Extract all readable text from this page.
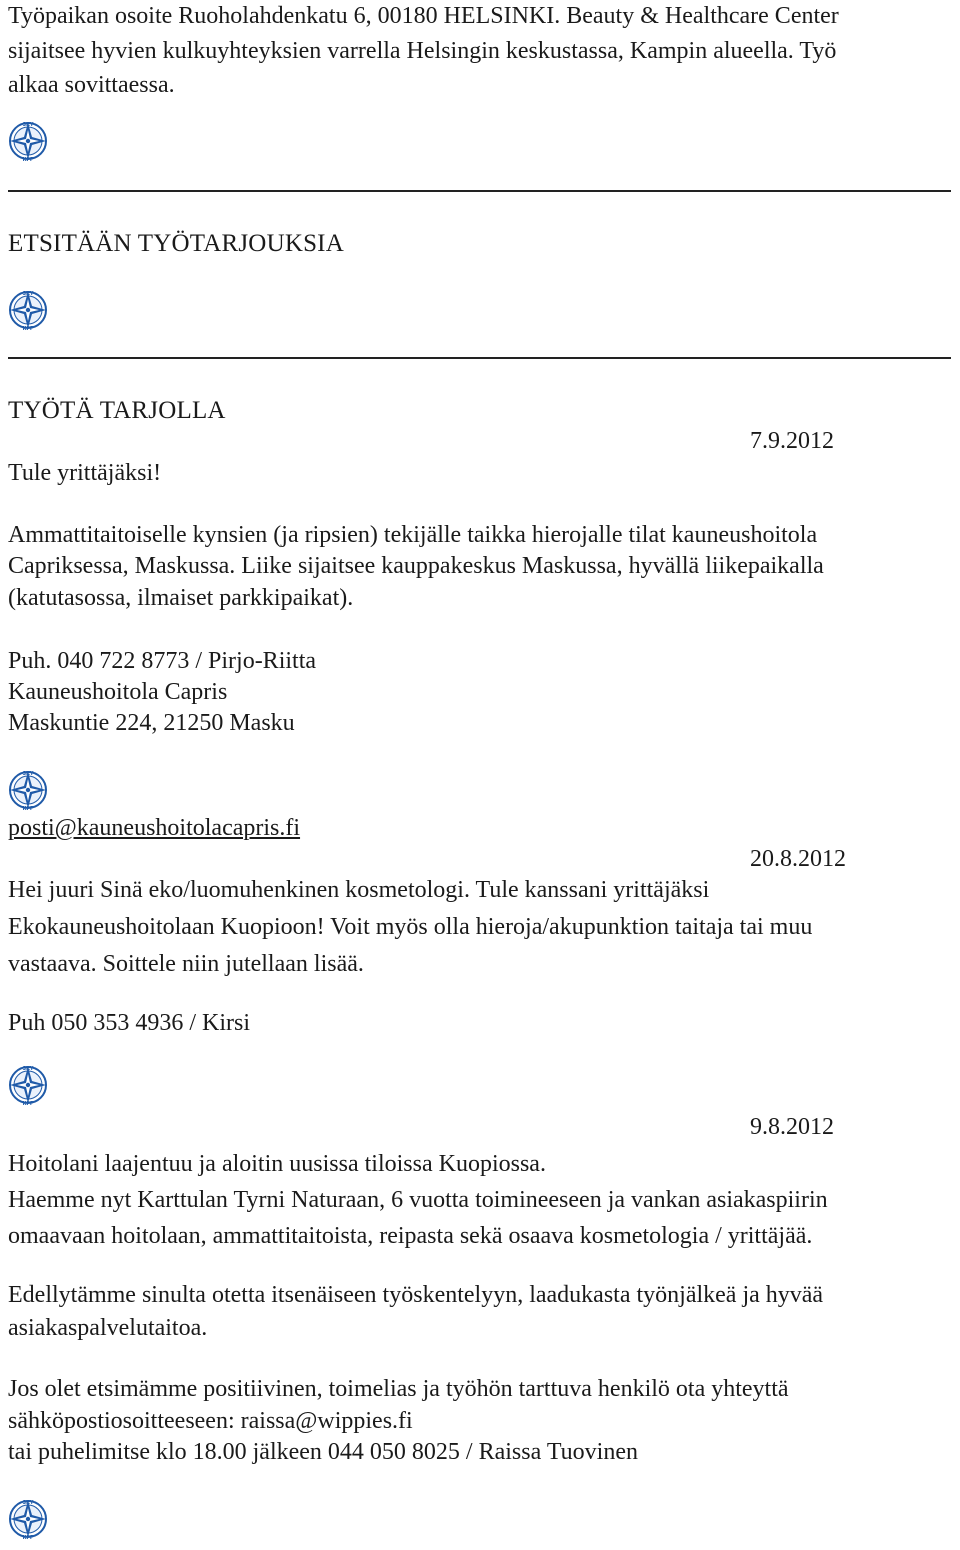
Työpaikan osoite Ruoholahdenkatu 6, 00180 HELSINKI. Beauty & Healthcare Center
sijaitsee hyvien kulkuyhteyksien varrella Helsingin keskustassa, Kampin alueella. Työ
alkaa sovittaessa.
SKY
KFF
ETSITÄÄN TYÖTARJOUKSIA
SKY
KFF
TYÖTÄ TARJOLLA
7.9.2012
Tule yrittäjäksi!
Ammattitaitoiselle kynsien (ja ripsien) tekijälle taikka hierojalle tilat kauneushoitola
Capriksessa, Maskussa. Liike sijaitsee kauppakeskus Maskussa, hyvällä liikepaikalla
(katutasossa, ilmaiset parkkipaikat).
Puh. 040 722 8773 / Pirjo-Riitta
Kauneushoitola Capris
Maskuntie 224, 21250 Masku
SKY
KFF
posti@kauneushoitolacapris.fi
20.8.2012
Hei juuri Sinä eko/luomuhenkinen kosmetologi. Tule kanssani yrittäjäksi
Ekokauneushoitolaan Kuopioon! Voit myös olla hieroja/akupunktion taitaja tai muu
vastaava. Soittele niin jutellaan lisää.
Puh 050 353 4936 / Kirsi
SKY
KFF
9.8.2012
Hoitolani laajentuu ja aloitin uusissa tiloissa Kuopiossa.
Haemme nyt Karttulan Tyrni Naturaan, 6 vuotta toimineeseen ja vankan asiakaspiirin
omaavaan hoitolaan, ammattitaitoista, reipasta sekä osaava kosmetologia / yrittäjää.
Edellytämme sinulta otetta itsenäiseen työskentelyyn, laadukasta työnjälkeä ja hyvää
asiakaspalvelutaitoa.
Jos olet etsimämme positiivinen, toimelias ja työhön tarttuva henkilö ota yhteyttä
sähköpostiosoitteeseen: raissa@wippies.fi
tai puhelimitse klo 18.00 jälkeen 044 050 8025 / Raissa Tuovinen
SKY
KFF
